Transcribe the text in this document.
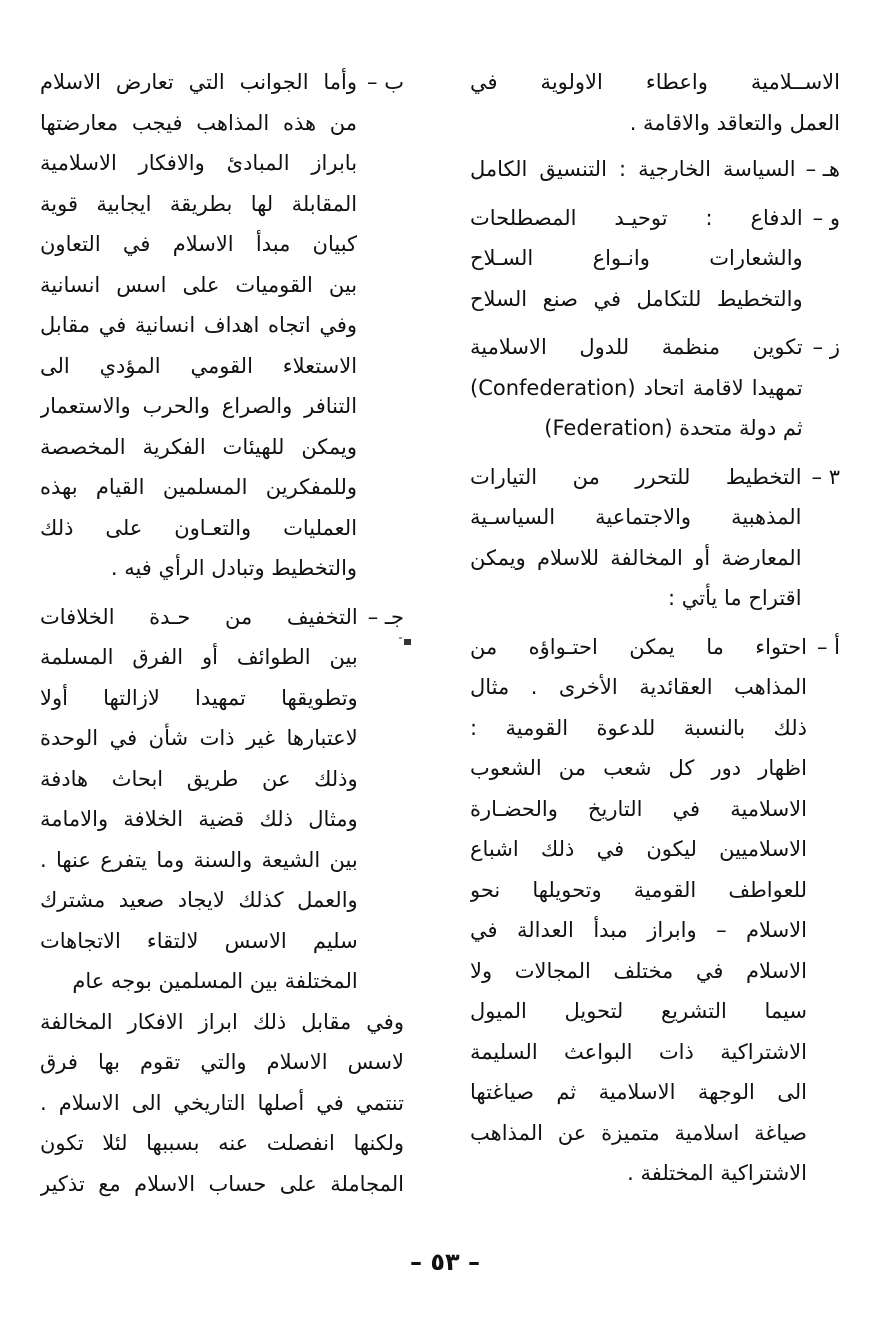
الاســلامية واعطاء الاولوية في
العمل والتعاقد والاقامة .
هـ –
السياسة الخارجية : التنسيق الكامل
و –
الدفاع : توحيـد المصطلحات
والشعارات وانـواع السـلاح
والتخطيط للتكامل في صنع السلاح
ز –
تكوين منظمة للدول الاسلامية
تمهيدا لاقامة اتحاد (Confederation)
ثم دولة متحدة (Federation)
٣ –
التخطيط للتحرر من التيارات
المذهبية والاجتماعية السياسـية
المعارضة أو المخالفة للاسلام ويمكن
اقتراح ما يأتي :
أ –
احتواء ما يمكن احتـواؤه من
المذاهب العقائدية الأخرى . مثال
ذلك بالنسبة للدعوة القومية :
اظهار دور كل شعب من الشعوب
الاسلامية في التاريخ والحضـارة
الاسلاميين ليكون في ذلك اشباع
للعواطف القومية وتحويلها نحو
الاسلام – وابراز مبدأ العدالة في
الاسلام في مختلف المجالات ولا
سيما التشريع لتحويل الميول
الاشتراكية ذات البواعث السليمة
الى الوجهة الاسلامية ثم صياغتها
صياغة اسلامية متميزة عن المذاهب
الاشتراكية المختلفة .
ب –
وأما الجوانب التي تعارض الاسلام
من هذه المذاهب فيجب معارضتها
بابراز المبادئ والافكار الاسلامية
المقابلة لها بطريقة ايجابية قوية
كبيان مبدأ الاسلام في التعاون
بين القوميات على اسس انسانية
وفي اتجاه اهداف انسانية في مقابل
الاستعلاء القومي المؤدي الى
التنافر والصراع والحرب والاستعمار
ويمكن للهيئات الفكرية المخصصة
وللمفكرين المسلمين القيام بهذه
العمليات والتعـاون على ذلك
والتخطيط وتبادل الرأي فيه .
جـ –
التخفيف من حـدة الخلافات
بين الطوائف أو الفرق المسلمة
وتطويقها تمهيدا لازالتها أولا
لاعتبارها غير ذات شأن في الوحدة
وذلك عن طريق ابحاث هادفة
ومثال ذلك قضية الخلافة والامامة
بين الشيعة والسنة وما يتفرع عنها .
والعمل كذلك لايجاد صعيد مشترك
سليم الاسس لالتقاء الاتجاهات
المختلفة بين المسلمين بوجه عام
وفي مقابل ذلك ابراز الافكار المخالفة
لاسس الاسلام والتي تقوم بها فرق
تنتمي في أصلها التاريخي الى الاسلام .
ولكنها انفصلت عنه بسببها لئلا تكون
المجاملة على حساب الاسلام مع تذكير
– ٥٣ –
